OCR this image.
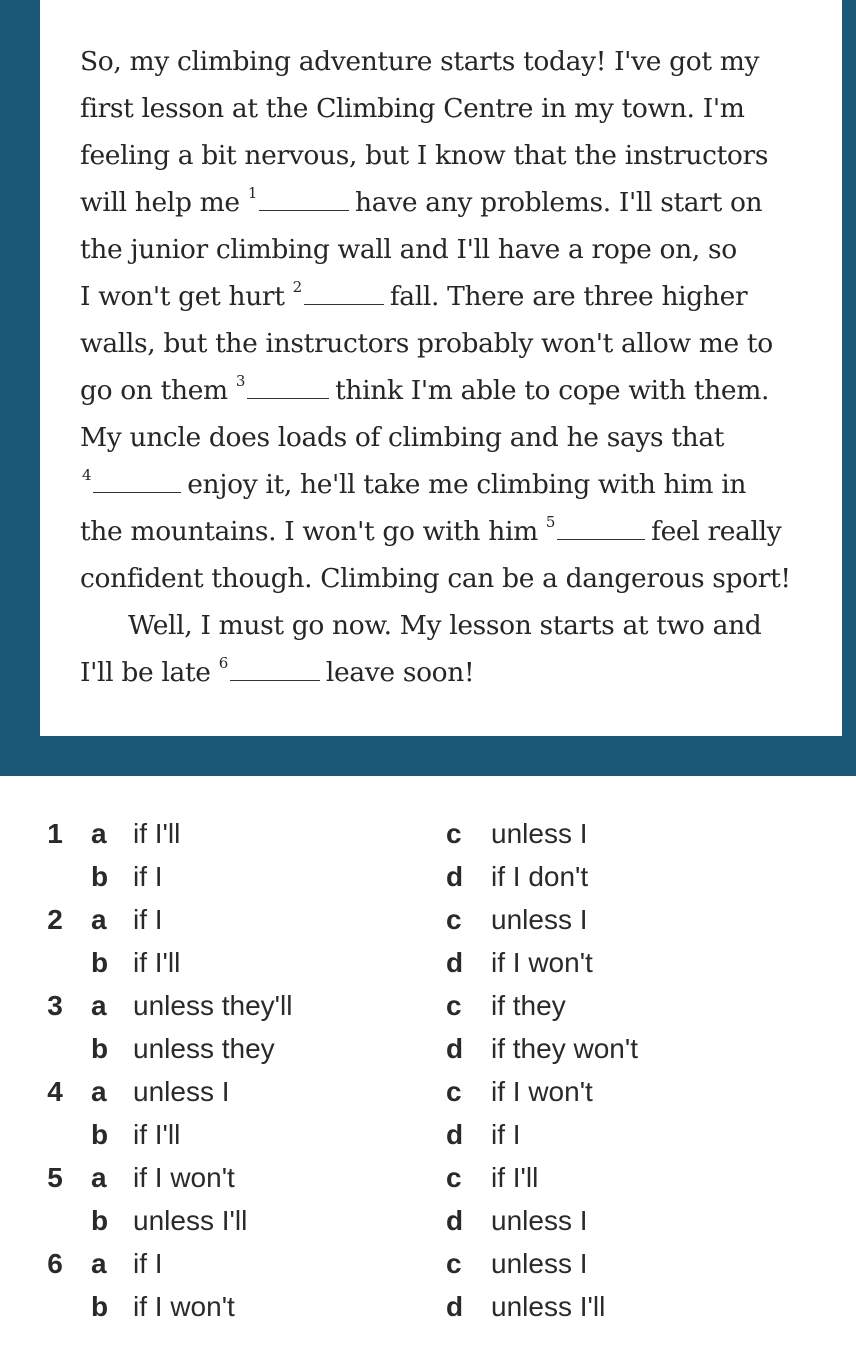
So, my climbing adventure starts today! I've got my
first lesson at the Climbing Centre in my town. I'm
feeling a bit nervous, but I know that the instructors
will help me $^1$	have any problems. I'll start on
the junior climbing wall and I'll have a rope on, so
I won't get hurt $^2$	fall. There are three higher
walls, but the instructors probably won't allow me to
go on them $^3$	think I'm able to cope with them.
My uncle does loads of climbing and he says that
$^4$	enjoy it, he'll take me climbing with him in
the mountains. I won't go with him $^5$	feel really
confident though. Climbing can be a dangerous sport!
Well, I must go now. My lesson starts at two and
I'll be late $^6$	leave soon!
1 a if I'll	c unless I
b if I	d if I don't
2 a if I	c unless I
b if I'll	d if I won't
3 a unless they'll	c if they
b unless they	d if they won't
4 a unless I	c if I won't
b if I'll	d if I
5 a if I won't	c if I'll
b unless I'll	d unless I
6 a if I	c unless I
b if I won't	d unless I'll
